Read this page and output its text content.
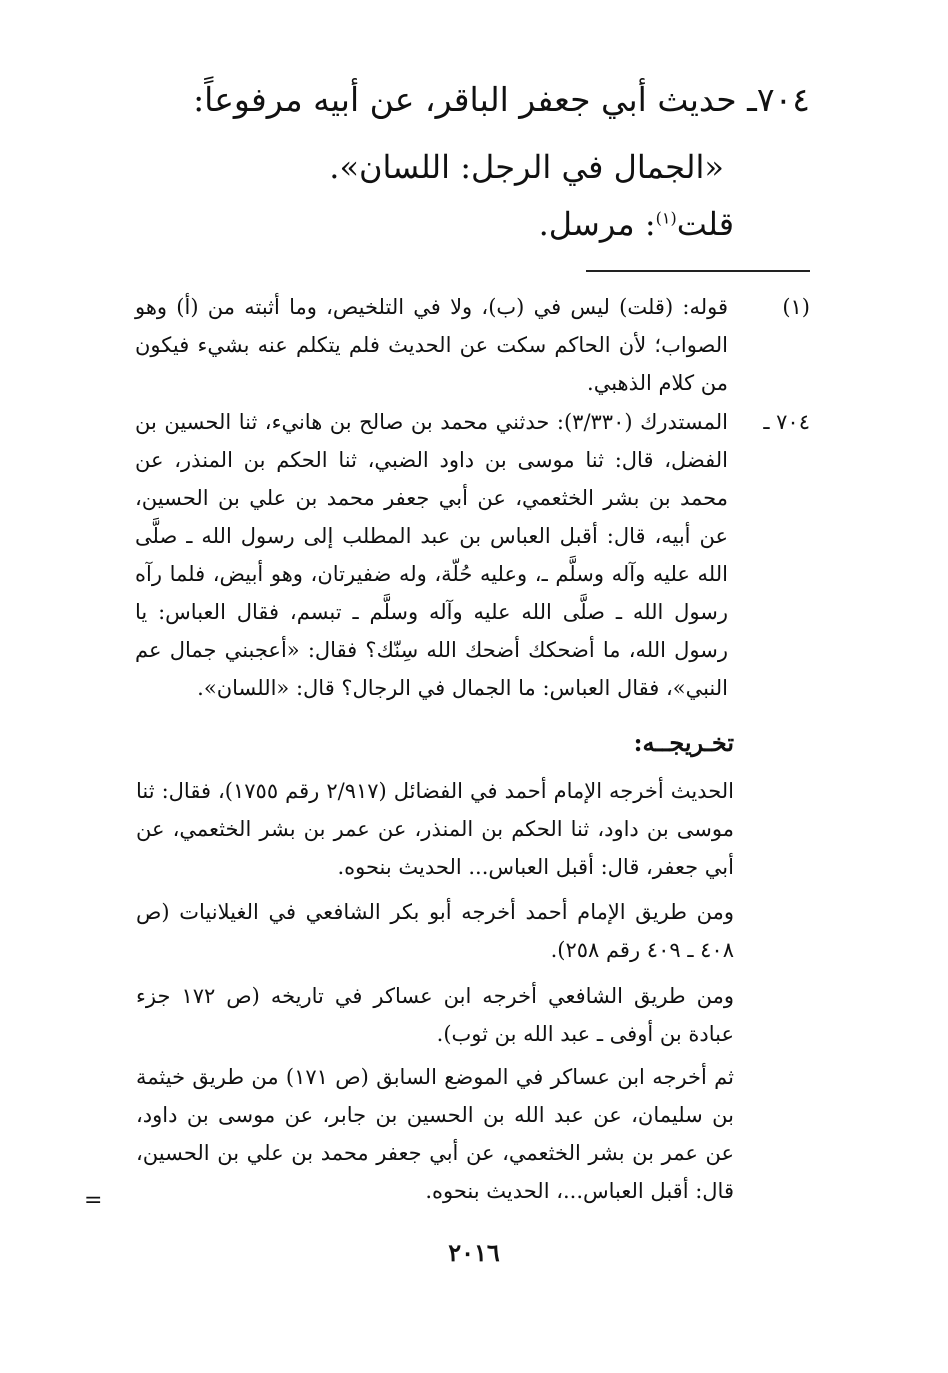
٧٠٤ـ حديث أبي جعفر الباقر، عن أبيه مرفوعاً:
«الجمال في الرجل: اللسان».
قلت$^{(١)}$: مرسل.
(١)
قوله: (قلت) ليس في (ب)، ولا في التلخيص، وما أثبته من (أ) وهو الصواب؛ لأن الحاكم سكت عن الحديث فلم يتكلم عنه بشيء فيكون من كلام الذهبي.
٧٠٤ ـ
المستدرك (٣/٣٣٠): حدثني محمد بن صالح بن هانيء، ثنا الحسين بن الفضل، قال: ثنا موسى بن داود الضبي، ثنا الحكم بن المنذر، عن محمد بن بشر الخثعمي، عن أبي جعفر محمد بن علي بن الحسين، عن أبيه، قال: أقبل العباس بن عبد المطلب إلى رسول الله ـ صلَّى الله عليه وآله وسلَّم ـ، وعليه حُلّة، وله ضفيرتان، وهو أبيض، فلما رآه رسول الله ـ صلَّى الله عليه وآله وسلَّم ـ تبسم، فقال العباس: يا رسول الله، ما أضحكك أضحك الله سِنّك؟ فقال: «أعجبني جمال عم النبي»، فقال العباس: ما الجمال في الرجال؟ قال: «اللسان».
تخـريجــه:
الحديث أخرجه الإمام أحمد في الفضائل (٢/٩١٧ رقم ١٧٥٥)، فقال: ثنا موسى بن داود، ثنا الحكم بن المنذر، عن عمر بن بشر الخثعمي، عن أبي جعفر، قال: أقبل العباس... الحديث بنحوه.
ومن طريق الإمام أحمد أخرجه أبو بكر الشافعي في الغيلانيات (ص ٤٠٨ ـ ٤٠٩ رقم ٢٥٨).
ومن طريق الشافعي أخرجه ابن عساكر في تاريخه (ص ١٧٢ جزء عبادة بن أوفى ـ عبد الله بن ثوب).
ثم أخرجه ابن عساكر في الموضع السابق (ص ١٧١) من طريق خيثمة بن سليمان، عن عبد الله بن الحسين بن جابر، عن موسى بن داود، عن عمر بن بشر الخثعمي، عن أبي جعفر محمد بن علي بن الحسين، قال: أقبل العباس...، الحديث بنحوه.
=
٢٠١٦
